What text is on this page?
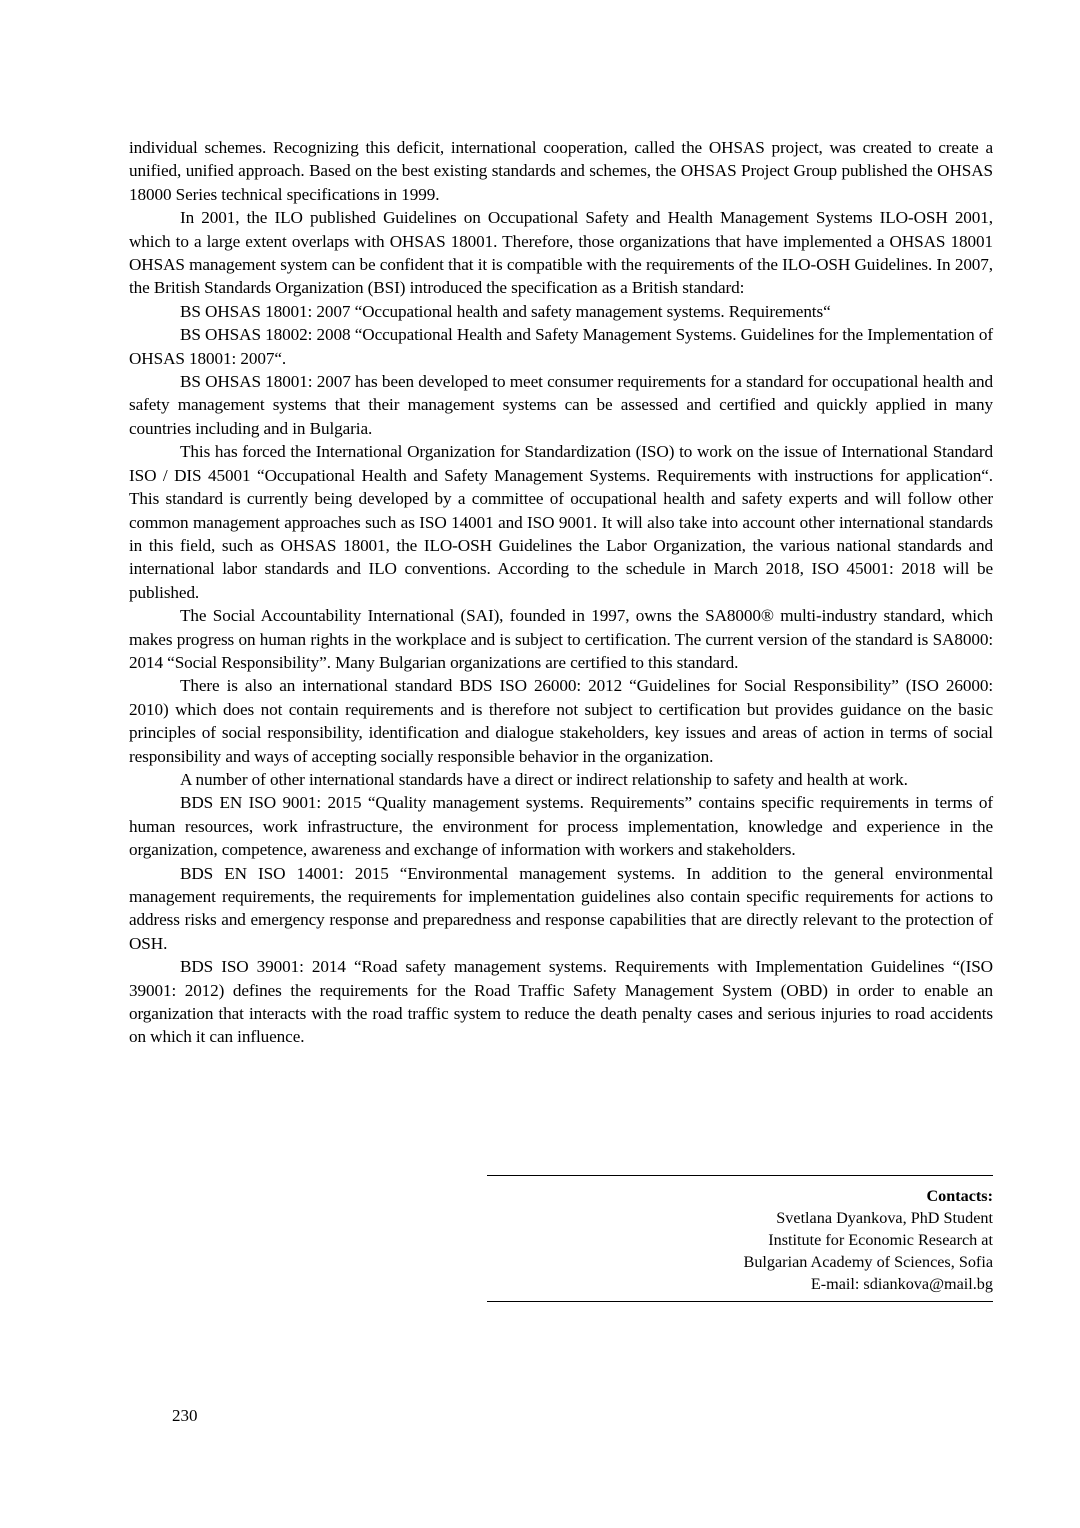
individual schemes. Recognizing this deficit, international cooperation, called the OHSAS project, was created to create a unified, unified approach. Based on the best existing standards and schemes, the OHSAS Project Group published the OHSAS 18000 Series technical specifications in 1999.

In 2001, the ILO published Guidelines on Occupational Safety and Health Management Systems ILO-OSH 2001, which to a large extent overlaps with OHSAS 18001. Therefore, those organizations that have implemented a OHSAS 18001 OHSAS management system can be confident that it is compatible with the requirements of the ILO-OSH Guidelines. In 2007, the British Standards Organization (BSI) introduced the specification as a British standard:

BS OHSAS 18001: 2007 “Occupational health and safety management systems. Requirements“

BS OHSAS 18002: 2008 “Occupational Health and Safety Management Systems. Guidelines for the Implementation of OHSAS 18001: 2007“.

BS OHSAS 18001: 2007 has been developed to meet consumer requirements for a standard for occupational health and safety management systems that their management systems can be assessed and certified and quickly applied in many countries including and in Bulgaria.

This has forced the International Organization for Standardization (ISO) to work on the issue of International Standard ISO / DIS 45001 “Occupational Health and Safety Management Systems. Requirements with instructions for application“. This standard is currently being developed by a committee of occupational health and safety experts and will follow other common management approaches such as ISO 14001 and ISO 9001. It will also take into account other international standards in this field, such as OHSAS 18001, the ILO-OSH Guidelines the Labor Organization, the various national standards and international labor standards and ILO conventions. According to the schedule in March 2018, ISO 45001: 2018 will be published.

The Social Accountability International (SAI), founded in 1997, owns the SA8000® multi-industry standard, which makes progress on human rights in the workplace and is subject to certification. The current version of the standard is SA8000: 2014 “Social Responsibility”. Many Bulgarian organizations are certified to this standard.

There is also an international standard BDS ISO 26000: 2012 “Guidelines for Social Responsibility” (ISO 26000: 2010) which does not contain requirements and is therefore not subject to certification but provides guidance on the basic principles of social responsibility, identification and dialogue stakeholders, key issues and areas of action in terms of social responsibility and ways of accepting socially responsible behavior in the organization.

A number of other international standards have a direct or indirect relationship to safety and health at work.

BDS EN ISO 9001: 2015 “Quality management systems. Requirements” contains specific requirements in terms of human resources, work infrastructure, the environment for process implementation, knowledge and experience in the organization, competence, awareness and exchange of information with workers and stakeholders.

BDS EN ISO 14001: 2015 “Environmental management systems. In addition to the general environmental management requirements, the requirements for implementation guidelines also contain specific requirements for actions to address risks and emergency response and preparedness and response capabilities that are directly relevant to the protection of OSH.

BDS ISO 39001: 2014 “Road safety management systems. Requirements with Implementation Guidelines “(ISO 39001: 2012) defines the requirements for the Road Traffic Safety Management System (OBD) in order to enable an organization that interacts with the road traffic system to reduce the death penalty cases and serious injuries to road accidents on which it can influence.

Contacts:
Svetlana Dyankova, PhD Student
Institute for Economic Research at
Bulgarian Academy of Sciences, Sofia
E-mail: sdiankova@mail.bg
230
